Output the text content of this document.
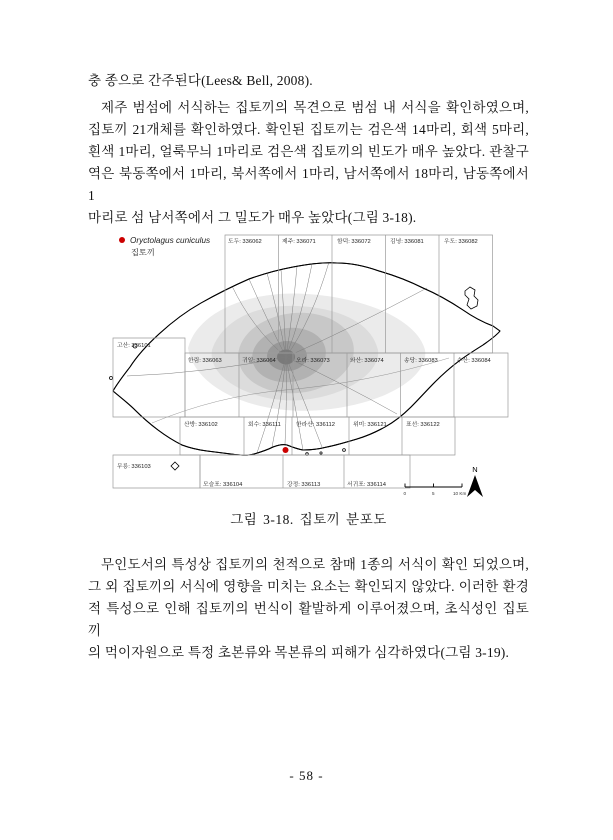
충 종으로 간주된다(Lees& Bell, 2008).
제주 범섬에 서식하는 집토끼의 목견으로 범섬 내 서식을 확인하였으며,
집토끼 21개체를 확인하였다. 확인된 집토끼는 검은색 14마리, 회색 5마리,
흰색 1마리, 얼룩무늬 1마리로 검은색 집토끼의 빈도가 매우 높았다. 관찰구
역은 북동쪽에서 1마리, 북서쪽에서 1마리, 남서쪽에서 18마리, 남동쪽에서 1
마리로 섬 남서쪽에서 그 밀도가 매우 높았다(그림 3-18).
도두: 336062	제주: 336071	함덕: 336072	김녕: 336081	우도: 336082
고산: 336101
한림: 336063	귀일: 336064	오라: 336073	와산: 336074	송당: 336083	수산: 336084
산방: 336102	회수: 336111	한라산: 336112	위미: 336121	표선: 336122
무릉: 336103
모슬포: 336104	강정: 336113	서귀포: 336114
Oryctolagus cuniculus
집토끼
0	5	10 Km
N
그림 3-18. 집토끼 분포도
무인도서의 특성상 집토끼의 천적으로 참매 1종의 서식이 확인 되었으며,
그 외 집토끼의 서식에 영향을 미치는 요소는 확인되지 않았다. 이러한 환경
적 특성으로 인해 집토끼의 번식이 활발하게 이루어졌으며, 초식성인 집토끼
의 먹이자원으로 특정 초본류와 목본류의 피해가 심각하였다(그림 3-19).
- 58 -
